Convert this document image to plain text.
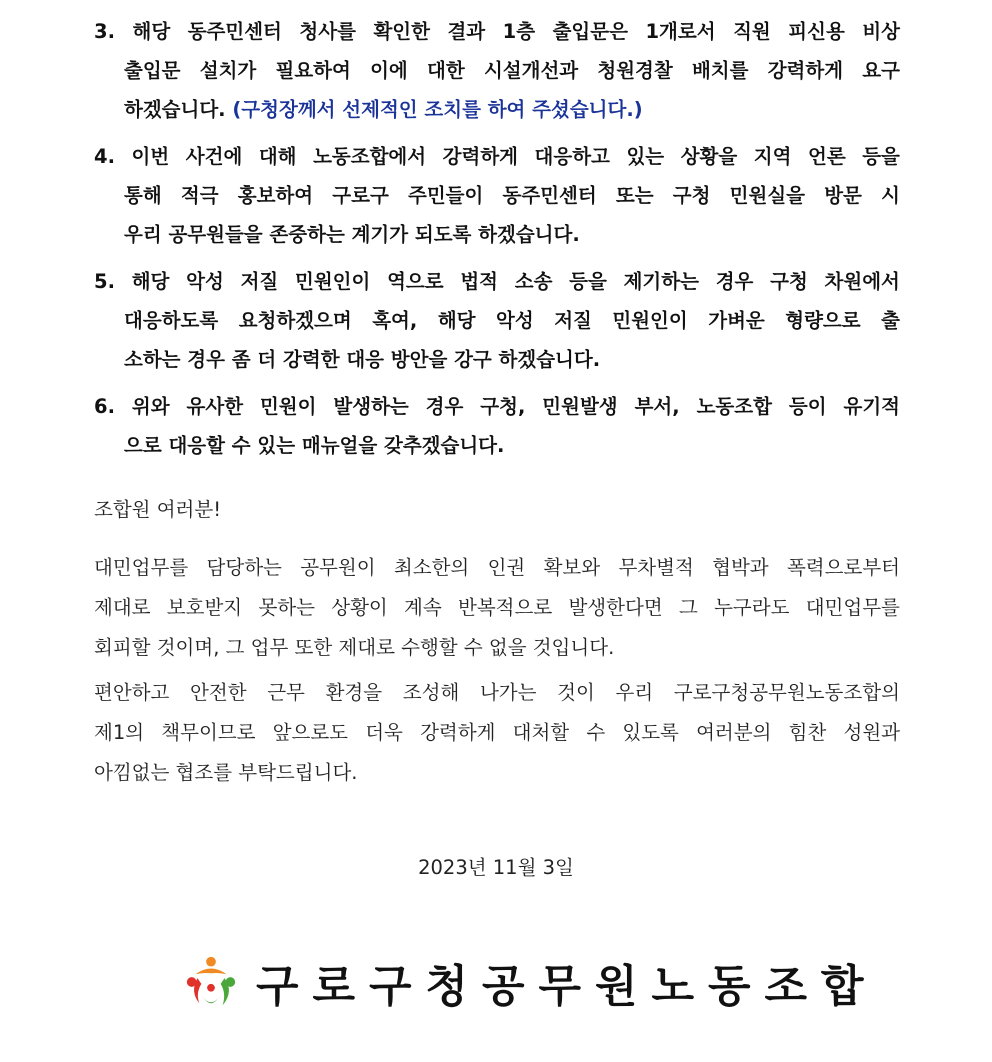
3. 해당 동주민센터 청사를 확인한 결과 1층 출입문은 1개로서 직원 피신용 비상
출입문 설치가 필요하여 이에 대한 시설개선과 청원경찰 배치를 강력하게 요구
하겠습니다. (구청장께서 선제적인 조치를 하여 주셨습니다.)
4. 이번 사건에 대해 노동조합에서 강력하게 대응하고 있는 상황을 지역 언론 등을
통해 적극 홍보하여 구로구 주민들이 동주민센터 또는 구청 민원실을 방문 시
우리 공무원들을 존중하는 계기가 되도록 하겠습니다.
5. 해당 악성 저질 민원인이 역으로 법적 소송 등을 제기하는 경우 구청 차원에서
대응하도록 요청하겠으며 혹여, 해당 악성 저질 민원인이 가벼운 형량으로 출
소하는 경우 좀 더 강력한 대응 방안을 강구 하겠습니다.
6. 위와 유사한 민원이 발생하는 경우 구청, 민원발생 부서, 노동조합 등이 유기적
으로 대응할 수 있는 매뉴얼을 갖추겠습니다.
조합원 여러분!
대민업무를 담당하는 공무원이 최소한의 인권 확보와 무차별적 협박과 폭력으로부터
제대로 보호받지 못하는 상황이 계속 반복적으로 발생한다면 그 누구라도 대민업무를
회피할 것이며, 그 업무 또한 제대로 수행할 수 없을 것입니다.
편안하고 안전한 근무 환경을 조성해 나가는 것이 우리 구로구청공무원노동조합의
제1의 책무이므로 앞으로도 더욱 강력하게 대처할 수 있도록 여러분의 힘찬 성원과
아낌없는 협조를 부탁드립니다.
2023년 11월 3일
구로구청공무원노동조합
